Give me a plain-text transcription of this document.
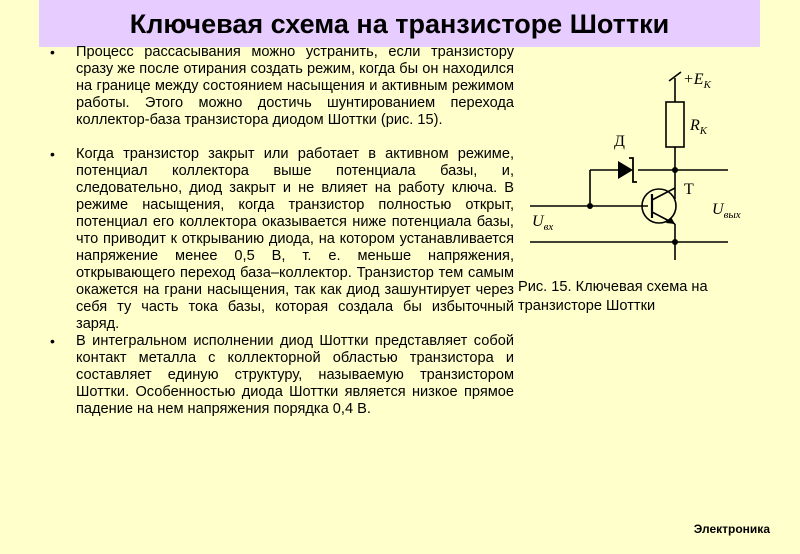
Ключевая схема на транзисторе Шоттки
• Процесс рассасывания можно устранить, если транзистору сразу же после отирания создать режим, когда бы он находился на границе между состоянием насыщения и активным режимом работы. Этого можно достичь шунтированием перехода коллектор-база транзистора диодом Шоттки (рис. 15).
• Когда транзистор закрыт или работает в активном режиме, потенциал коллектора выше потенциала базы, и, следовательно, диод закрыт и не влияет на работу ключа. В режиме насыщения, когда транзистор полностью открыт, потенциал его коллектора оказывается ниже потенциала базы, что приводит к открыванию диода, на котором устанавливается напряжение менее 0,5 В, т. е. меньше напряжения, открывающего переход база–коллектор. Транзистор тем самым окажется на грани насыщения, так как диод зашунтирует через себя ту часть тока базы, которая создала бы избыточный заряд.
• В интегральном исполнении диод Шоттки представляет собой контакт металла с коллекторной областью транзистора и составляет единую структуру, называемую транзистором Шоттки. Особенностью диода Шоттки является низкое прямое падение на нем напряжения порядка 0,4 В.
$+E_К$
$R_К$
Д
Т
$U_{вх}$
$U_{вых}$
Рис. 15. Ключевая схема на транзисторе Шоттки
Электроника
